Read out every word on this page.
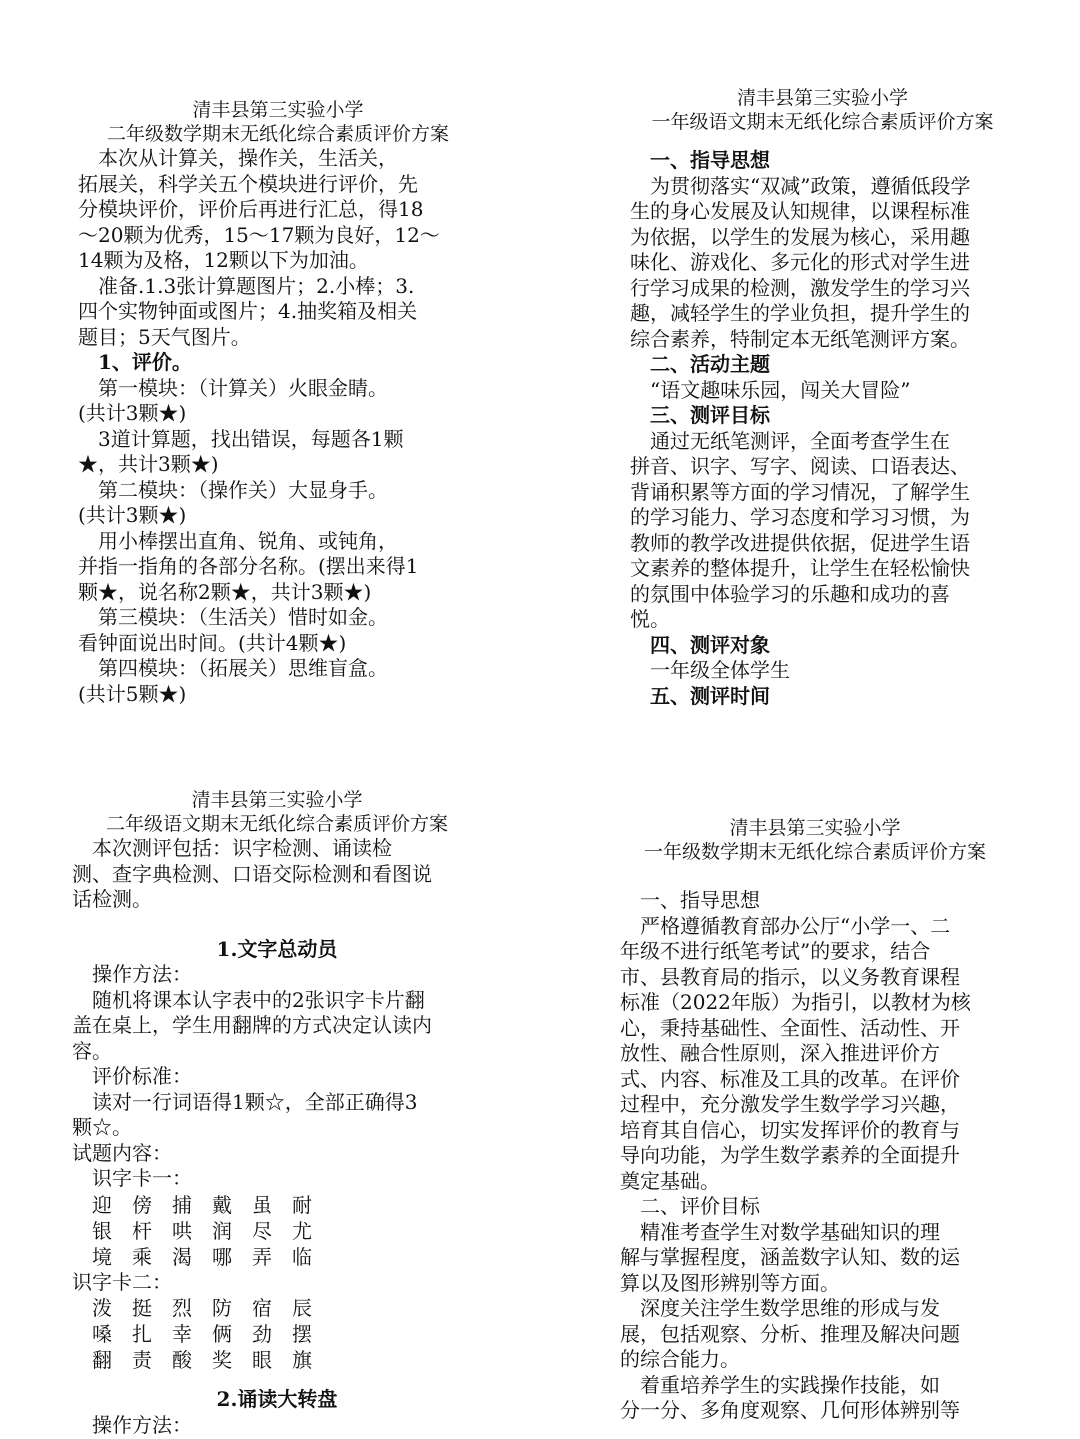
清丰县第三实验小学
二年级数学期末无纸化综合素质评价方案
　本次从计算关，操作关，生活关，
拓展关，科学关五个模块进行评价，先
分模块评价，评价后再进行汇总，得18
～20颗为优秀，15～17颗为良好，12～
14颗为及格，12颗以下为加油。
　准备.1.3张计算题图片；2.小棒；3.
四个实物钟面或图片；4.抽奖箱及相关
题目；5天气图片。
　1、评价。
　第一模块：（计算关）火眼金睛。
(共计3颗★)
　3道计算题，找出错误，每题各1颗
★，共计3颗★)
　第二模块：（操作关）大显身手。
(共计3颗★)
　用小棒摆出直角、锐角、或钝角，
并指一指角的各部分名称。(摆出来得1
颗★，说名称2颗★，共计3颗★)
　第三模块：（生活关）惜时如金。
看钟面说出时间。(共计4颗★)
　第四模块：（拓展关）思维盲盒。
(共计5颗★)
清丰县第三实验小学
一年级语文期末无纸化综合素质评价方案
　一、指导思想
　为贯彻落实“双减”政策，遵循低段学
生的身心发展及认知规律，以课程标准
为依据，以学生的发展为核心，采用趣
味化、游戏化、多元化的形式对学生进
行学习成果的检测，激发学生的学习兴
趣，减轻学生的学业负担，提升学生的
综合素养，特制定本无纸笔测评方案。
　二、活动主题
　“语文趣味乐园，闯关大冒险”
　三、测评目标
　通过无纸笔测评，全面考查学生在
拼音、识字、写字、阅读、口语表达、
背诵积累等方面的学习情况，了解学生
的学习能力、学习态度和学习习惯，为
教师的教学改进提供依据，促进学生语
文素养的整体提升，让学生在轻松愉快
的氛围中体验学习的乐趣和成功的喜
悦。
　四、测评对象
　一年级全体学生
　五、测评时间
清丰县第三实验小学
二年级语文期末无纸化综合素质评价方案
　本次测评包括：识字检测、诵读检
测、查字典检测、口语交际检测和看图说
话检测。
1.文字总动员
　操作方法：
　随机将课本认字表中的2张识字卡片翻
盖在桌上，学生用翻牌的方式决定认读内
容。
　评价标准：
　读对一行词语得1颗☆，全部正确得3
颗☆。
试题内容：
　识字卡一：
　迎　傍　捕　戴　虽　耐
　银　杆　哄　润　尽　尤
　境　乘　渴　哪　弄　临
识字卡二：
　泼　挺　烈　防　宿　辰
　嗓　扎　幸　俩　劲　摆
　翻　责　酸　奖　眼　旗
2.诵读大转盘
　操作方法：
清丰县第三实验小学
一年级数学期末无纸化综合素质评价方案
　一、指导思想
　严格遵循教育部办公厅“小学一、二
年级不进行纸笔考试”的要求，结合
市、县教育局的指示，以义务教育课程
标准（2022年版）为指引，以教材为核
心，秉持基础性、全面性、活动性、开
放性、融合性原则，深入推进评价方
式、内容、标准及工具的改革。在评价
过程中，充分激发学生数学学习兴趣，
培育其自信心，切实发挥评价的教育与
导向功能，为学生数学素养的全面提升
奠定基础。
　二、评价目标
　精准考查学生对数学基础知识的理
解与掌握程度，涵盖数字认知、数的运
算以及图形辨别等方面。
　深度关注学生数学思维的形成与发
展，包括观察、分析、推理及解决问题
的综合能力。
　着重培养学生的实践操作技能，如
分一分、多角度观察、几何形体辨别等
